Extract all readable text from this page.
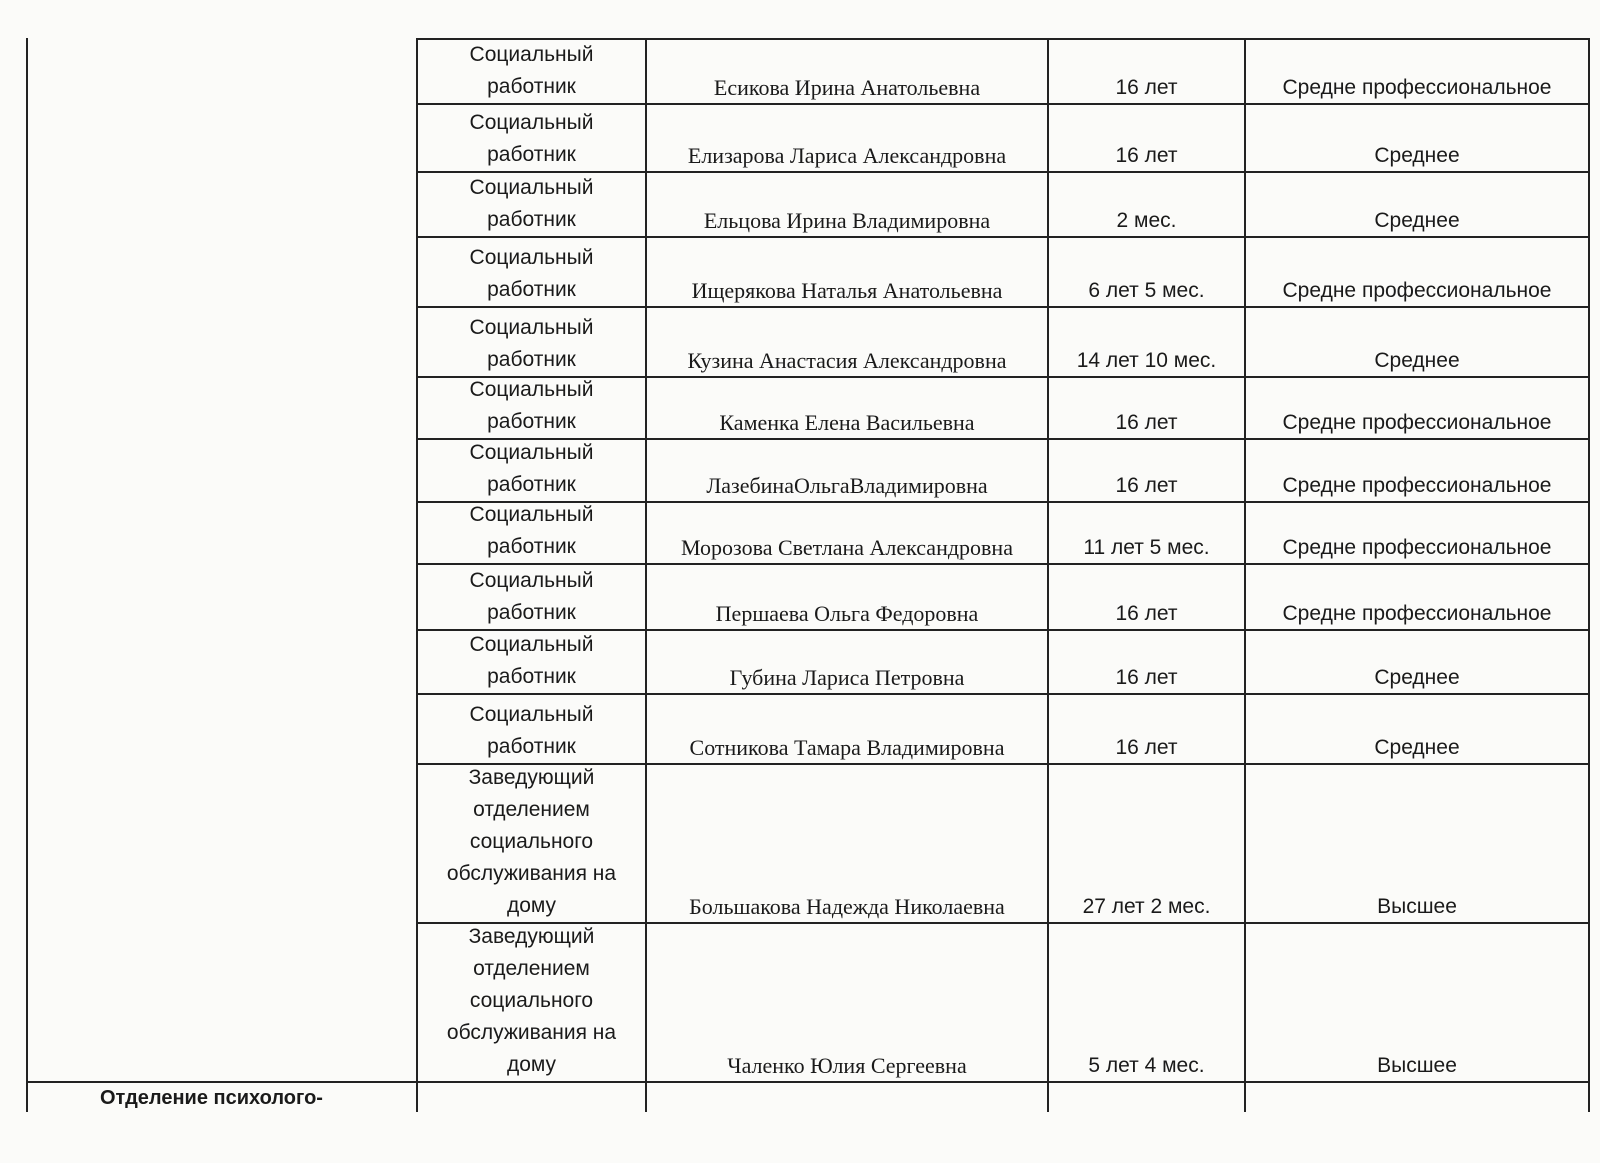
Отделение психолого-
Социальный
работник	Есикова Ирина Анатольевна	16 лет	Средне профессиональное
Социальный
работник	Елизарова Лариса Александровна	16 лет	Среднее
Социальный
работник	Ельцова Ирина Владимировна	2 мес.	Среднее
Социальный
работник	Ищерякова Наталья Анатольевна	6 лет 5 мес.	Средне профессиональное
Социальный
работник	Кузина Анастасия Александровна	14 лет 10 мес.	Среднее
Социальный
работник	Каменка Елена Васильевна	16 лет	Средне профессиональное
Социальный
работник	ЛазебинаОльгаВладимировна	16 лет	Средне профессиональное
Социальный
работник	Морозова Светлана Александровна	11 лет 5 мес.	Средне профессиональное
Социальный
работник	Першаева Ольга Федоровна	16 лет	Средне профессиональное
Социальный
работник	Губина Лариса Петровна	16 лет	Среднее
Социальный
работник	Сотникова Тамара Владимировна	16 лет	Среднее
Заведующий
отделением
социального
обслуживания на
дому	Большакова Надежда Николаевна	27 лет 2 мес.	Высшее
Заведующий
отделением
социального
обслуживания на
дому	Чаленко Юлия Сергеевна	5 лет 4 мес.	Высшее
